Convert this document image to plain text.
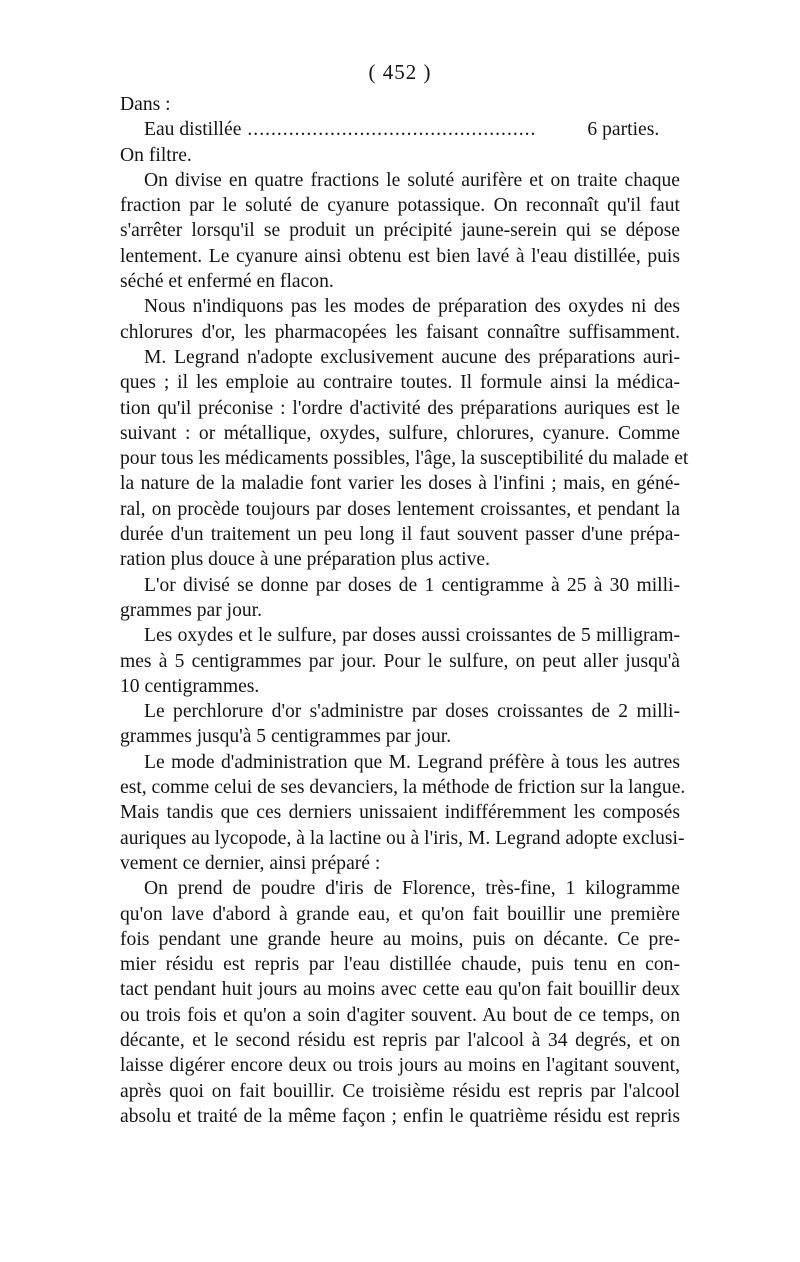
( 452 )
Dans :
Eau distillée
.....	6 parties.
On filtre.
On divise en quatre fractions le soluté aurifère et on traite chaque
fraction par le soluté de cyanure potassique. On reconnaît qu'il faut
s'arrêter lorsqu'il se produit un précipité jaune-serein qui se dépose
lentement. Le cyanure ainsi obtenu est bien lavé à l'eau distillée, puis
séché et enfermé en flacon.
Nous n'indiquons pas les modes de préparation des oxydes ni des
chlorures d'or, les pharmacopées les faisant connaître suffisamment.
M. Legrand n'adopte exclusivement aucune des préparations auri-
ques ; il les emploie au contraire toutes. Il formule ainsi la médica-
tion qu'il préconise : l'ordre d'activité des préparations auriques est le
suivant : or métallique, oxydes, sulfure, chlorures, cyanure. Comme
pour tous les médicaments possibles, l'âge, la susceptibilité du malade et
la nature de la maladie font varier les doses à l'infini ; mais, en géné-
ral, on procède toujours par doses lentement croissantes, et pendant la
durée d'un traitement un peu long il faut souvent passer d'une prépa-
ration plus douce à une préparation plus active.
L'or divisé se donne par doses de 1 centigramme à 25 à 30 milli-
grammes par jour.
Les oxydes et le sulfure, par doses aussi croissantes de 5 milligram-
mes à 5 centigrammes par jour. Pour le sulfure, on peut aller jusqu'à
10 centigrammes.
Le perchlorure d'or s'administre par doses croissantes de 2 milli-
grammes jusqu'à 5 centigrammes par jour.
Le mode d'administration que M. Legrand préfère à tous les autres
est, comme celui de ses devanciers, la méthode de friction sur la langue.
Mais tandis que ces derniers unissaient indifféremment les composés
auriques au lycopode, à la lactine ou à l'iris, M. Legrand adopte exclusi-
vement ce dernier, ainsi préparé :
On prend de poudre d'iris de Florence, très-fine, 1 kilogramme
qu'on lave d'abord à grande eau, et qu'on fait bouillir une première
fois pendant une grande heure au moins, puis on décante. Ce pre-
mier résidu est repris par l'eau distillée chaude, puis tenu en con-
tact pendant huit jours au moins avec cette eau qu'on fait bouillir deux
ou trois fois et qu'on a soin d'agiter souvent. Au bout de ce temps, on
décante, et le second résidu est repris par l'alcool à 34 degrés, et on
laisse digérer encore deux ou trois jours au moins en l'agitant souvent,
après quoi on fait bouillir. Ce troisième résidu est repris par l'alcool
absolu et traité de la même façon ; enfin le quatrième résidu est repris
